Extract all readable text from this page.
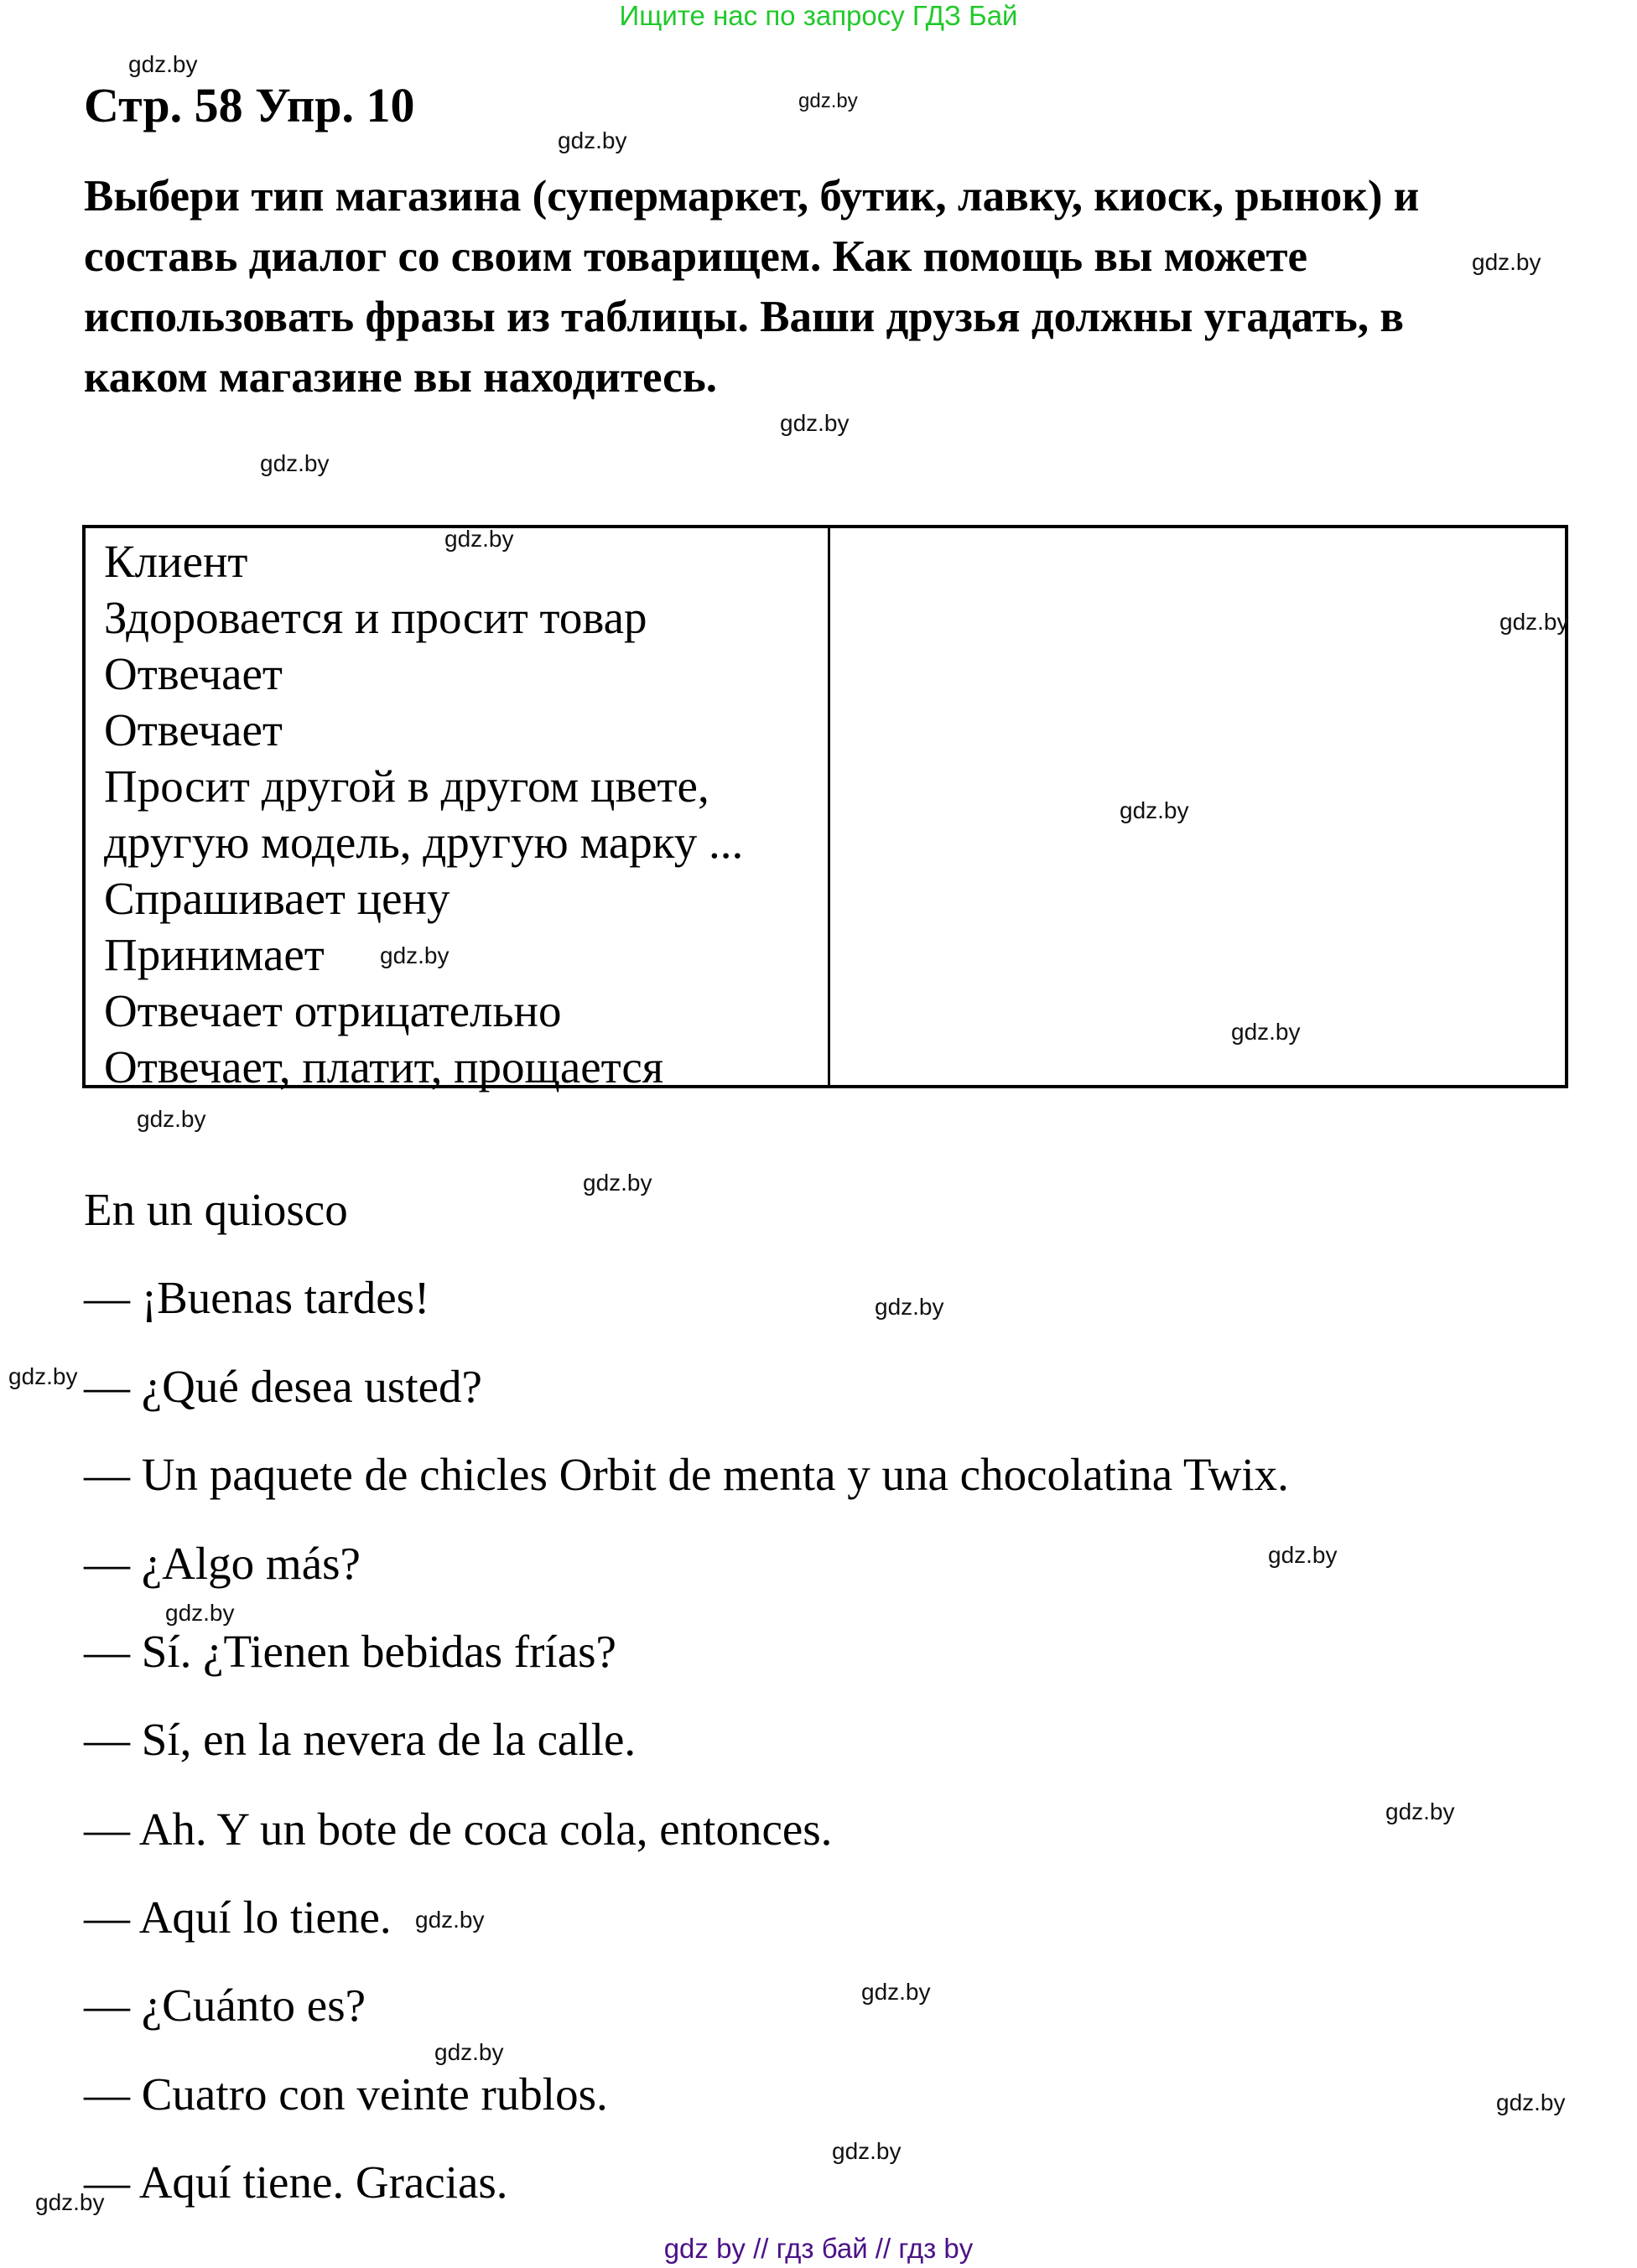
Ищите нас по запросу ГДЗ Бай
Стр. 58 Упр. 10
Выбери тип магазина (супермаркет, бутик, лавку, киоск, рынок) и
составь диалог со своим товарищем. Как помощь вы можете
использовать фразы из таблицы. Ваши друзья должны угадать, в
каком магазине вы находитесь.
Клиент
Здоровается и просит товар
Отвечает
Отвечает
Просит другой в другом цвете,
другую модель, другую марку ...
Спрашивает цену
Принимает
Отвечает отрицательно
Отвечает, платит, прощается
En un quiosco
— ¡Buenas tardes!
— ¿Qué desea usted?
— Un paquete de chicles Orbit de menta y una chocolatina Twix.
— ¿Algo más?
— Sí. ¿Tienen bebidas frías?
— Sí, en la nevera de la calle.
— Ah. Y un bote de coca cola, entonces.
— Aquí lo tiene.
— ¿Cuánto es?
— Cuatro con veinte rublos.
— Aquí tiene. Gracias.
gdz.by
gdz.by
gdz.by
gdz.by
gdz.by
gdz.by
gdz.by
gdz.by
gdz.by
gdz.by
gdz.by
gdz.by
gdz.by
gdz.by
gdz.by
gdz.by
gdz.by
gdz.by
gdz.by
gdz.by
gdz.by
gdz.by
gdz.by
gdz.by
gdz by // гдз бай // гдз by
